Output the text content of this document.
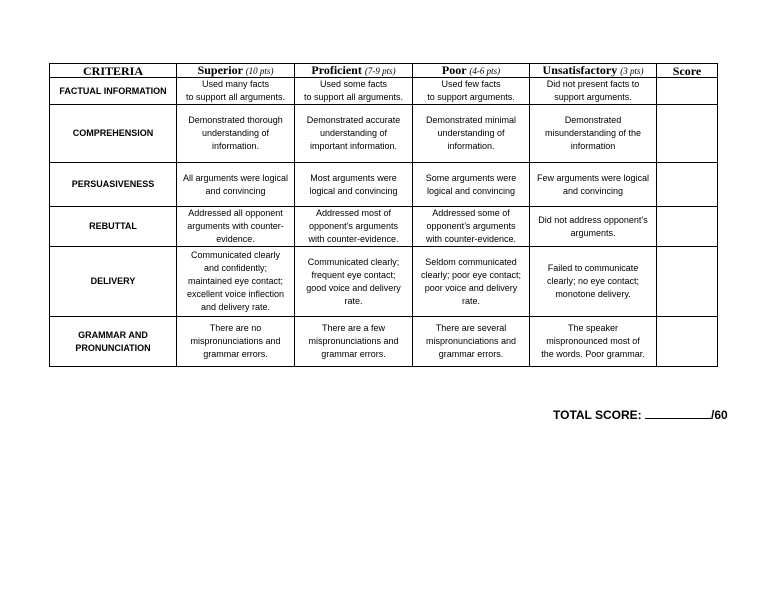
CRITERIA	Superior (10 pts)	Proficient (7-9 pts)	Poor (4-6 pts)	Unsatisfactory (3 pts)	Score
FACTUAL INFORMATION	Used many facts
to support all arguments.	Used some facts
to support all arguments.	Used few facts
to support arguments.	Did not present facts to
support arguments.	
COMPREHENSION	Demonstrated thorough
understanding of
information.	Demonstrated accurate
understanding of
important information.	Demonstrated minimal
understanding of
information.	Demonstrated
misunderstanding of the
information	
PERSUASIVENESS	All arguments were logical
and convincing	Most arguments were
logical and convincing	Some arguments were
logical and convincing	Few arguments were logical
and convincing	
REBUTTAL	Addressed all opponent
arguments with counter-
evidence.	Addressed most of
opponent’s arguments
with counter-evidence.	Addressed some of
opponent’s arguments
with counter-evidence.	Did not address opponent’s
arguments.	
DELIVERY	Communicated clearly
and confidently;
maintained eye contact;
excellent voice inflection
and delivery rate.	Communicated clearly;
frequent eye contact;
good voice and delivery
rate.	Seldom communicated
clearly; poor eye contact;
poor voice and delivery
rate.	Failed to communicate
clearly; no eye contact;
monotone delivery.	
GRAMMAR AND
PRONUNCIATION	There are no
mispronunciations and
grammar errors.	There are a few
mispronunciations and
grammar errors.	There are several
mispronunciations and
grammar errors.	The speaker
mispronounced most of
the words. Poor grammar.	
TOTAL SCORE:	/60
